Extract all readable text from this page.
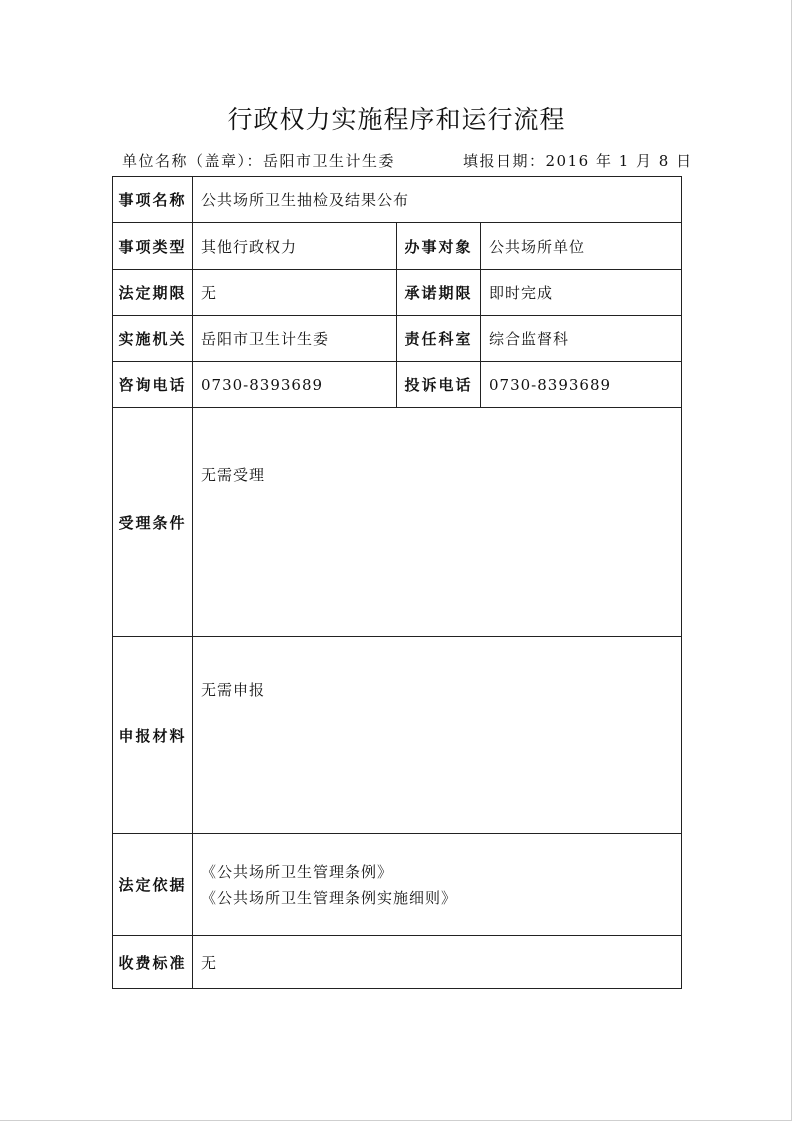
行政权力实施程序和运行流程
单位名称（盖章）：岳阳市卫生计生委	填报日期：2016 年 1 月 8 日
事项名称	公共场所卫生抽检及结果公布		
事项类型	其他行政权力	办事对象	公共场所单位
法定期限	无	承诺期限	即时完成
实施机关	岳阳市卫生计生委	责任科室	综合监督科
咨询电话	0730-8393689	投诉电话	0730-8393689
受理条件	无需受理		

申报材料	无需申报		

法定依据	《公共场所卫生管理条例》
《公共场所卫生管理条例实施细则》		

收费标准	无		
